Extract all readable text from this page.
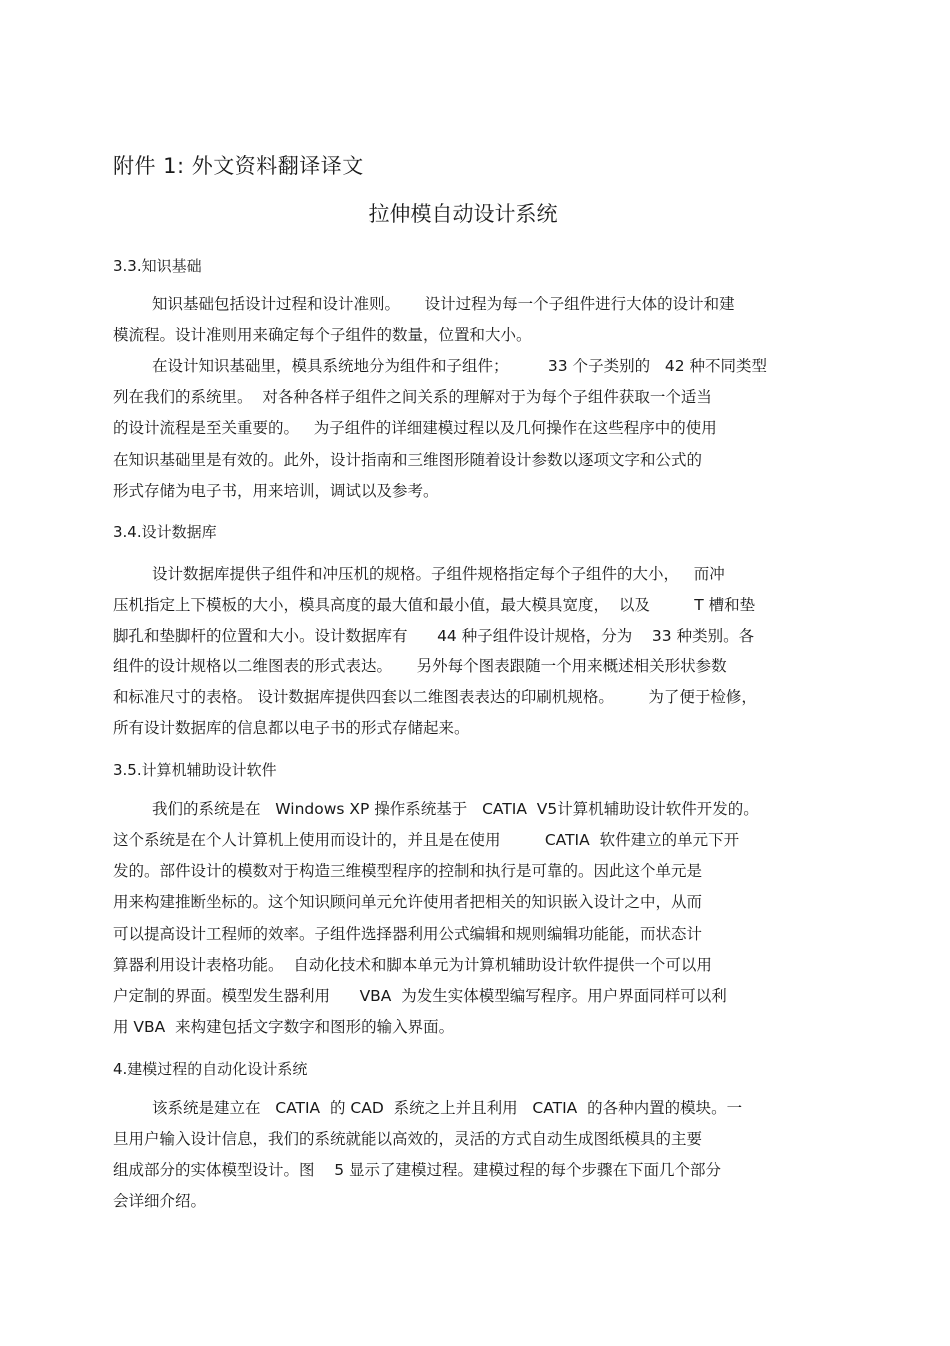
附件 1: 外文资料翻译译文
拉伸模自动设计系统
3.3.知识基础
知识基础包括设计过程和设计准则。     设计过程为每一个子组件进行大体的设计和建
模流程。设计准则用来确定每个子组件的数量，位置和大小。
在设计知识基础里，模具系统地分为组件和子组件；        33 个子类别的   42 种不同类型
列在我们的系统里。  对各种各样子组件之间关系的理解对于为每个子组件获取一个适当
的设计流程是至关重要的。   为子组件的详细建模过程以及几何操作在这些程序中的使用
在知识基础里是有效的。此外，设计指南和三维图形随着设计参数以逐项文字和公式的
形式存储为电子书，用来培训，调试以及参考。
3.4.设计数据库
设计数据库提供子组件和冲压机的规格。子组件规格指定每个子组件的大小，   而冲
压机指定上下模板的大小，模具高度的最大值和最小值，最大模具宽度，  以及         T 槽和垫
脚孔和垫脚杆的位置和大小。设计数据库有      44 种子组件设计规格，分为    33 种类别。各
组件的设计规格以二维图表的形式表达。     另外每个图表跟随一个用来概述相关形状参数
和标准尺寸的表格。 设计数据库提供四套以二维图表表达的印刷机规格。       为了便于检修，
所有设计数据库的信息都以电子书的形式存储起来。
3.5.计算机辅助设计软件
我们的系统是在   Windows XP 操作系统基于   CATIA  V5计算机辅助设计软件开发的。
这个系统是在个人计算机上使用而设计的，并且是在使用         CATIA  软件建立的单元下开
发的。部件设计的模数对于构造三维模型程序的控制和执行是可靠的。因此这个单元是
用来构建推断坐标的。这个知识顾问单元允许使用者把相关的知识嵌入设计之中，从而
可以提高设计工程师的效率。子组件选择器利用公式编辑和规则编辑功能能，而状态计
算器利用设计表格功能。  自动化技术和脚本单元为计算机辅助设计软件提供一个可以用
户定制的界面。模型发生器利用      VBA  为发生实体模型编写程序。用户界面同样可以利
用 VBA  来构建包括文字数字和图形的输入界面。
4.建模过程的自动化设计系统
该系统是建立在   CATIA  的 CAD  系统之上并且利用   CATIA  的各种内置的模块。一
旦用户输入设计信息，我们的系统就能以高效的，灵活的方式自动生成图纸模具的主要
组成部分的实体模型设计。图    5 显示了建模过程。建模过程的每个步骤在下面几个部分
会详细介绍。
